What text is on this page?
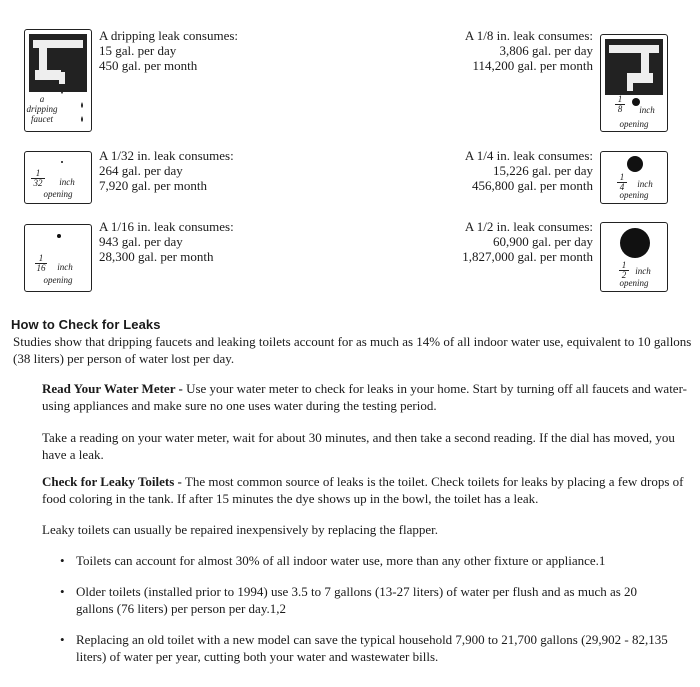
a
dripping
faucet
A dripping leak consumes:
15 gal. per day
450 gal. per month
$\frac{1}{8}$	inch
opening
A 1/8 in. leak consumes:
3,806 gal. per day
114,200 gal. per month
$\frac{1}{32}$	inch
opening
A 1/32 in. leak consumes:
264 gal. per day
7,920 gal. per month	$\frac{1}{4}$	inch
opening
A 1/4 in. leak consumes:
15,226 gal. per day
456,800 gal. per month
$\frac{1}{16}$	inch
opening
A 1/16 in. leak consumes:
943 gal. per day
28,300 gal. per month
$\frac{1}{2}$ inch
opening
A 1/2 in. leak consumes:
60,900 gal. per day
1,827,000 gal. per month
How to Check for Leaks
Studies show that dripping faucets and leaking toilets account for as much as 14% of all indoor water use, equivalent to 10 gallons (38 liters) per person of water lost per day.
Read Your Water Meter - Use your water meter to check for leaks in your home. Start by turning off all faucets and water-using appliances and make sure no one uses water during the testing period.
Take a reading on your water meter, wait for about 30 minutes, and then take a second reading. If the dial has moved, you have a leak.
Check for Leaky Toilets - The most common source of leaks is the toilet. Check toilets for leaks by placing a few drops of food coloring in the tank. If after 15 minutes the dye shows up in the bowl, the toilet has a leak.
Leaky toilets can usually be repaired inexpensively by replacing the flapper.
• Toilets can account for almost 30% of all indoor water use, more than any other fixture or appliance.1
• Older toilets (installed prior to 1994) use 3.5 to 7 gallons (13-27 liters) of water per flush and as much as 20 gallons (76 liters) per person per day.1,2
• Replacing an old toilet with a new model can save the typical household 7,900 to 21,700 gallons (29,902 - 82,135 liters) of water per year, cutting both your water and wastewater bills.
